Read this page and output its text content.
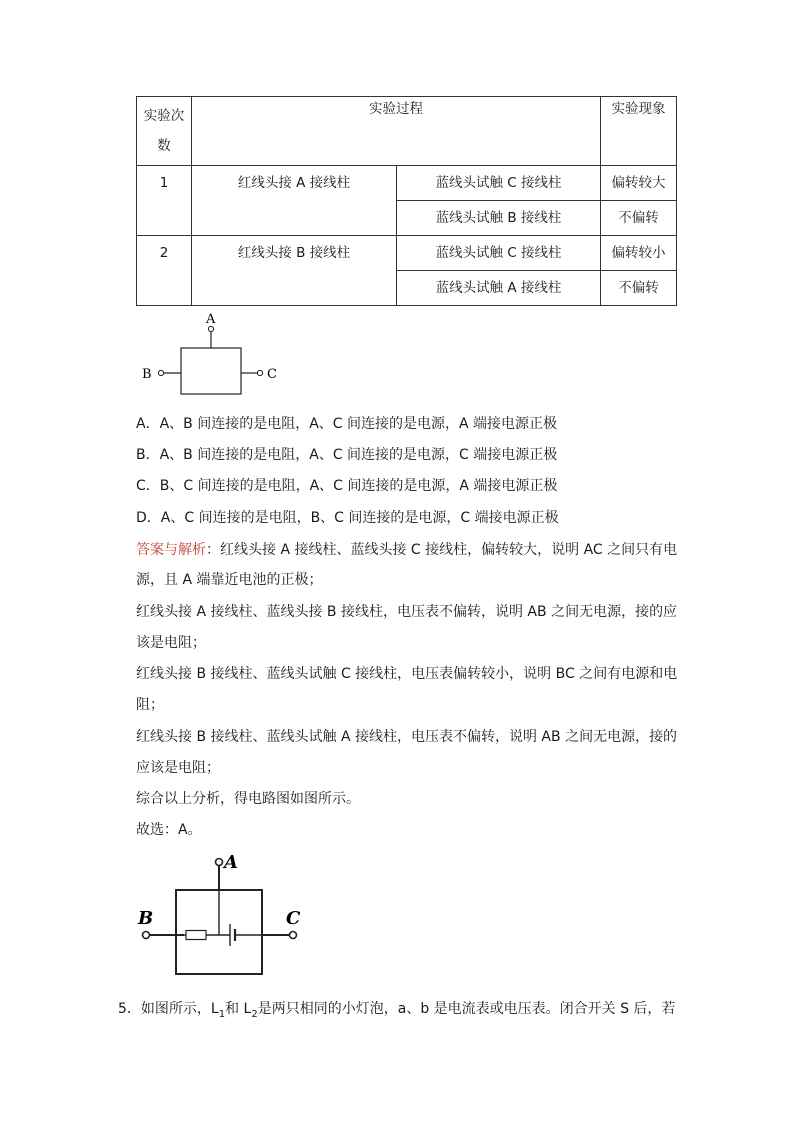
实验次
数	实验过程		实验现象
1	红线头接 A 接线柱	蓝线头试触 C 接线柱	偏转较大
		蓝线头试触 B 接线柱	不偏转
2	红线头接 B 接线柱	蓝线头试触 C 接线柱	偏转较小
		蓝线头试触 A 接线柱	不偏转
A
B	C
A．A、B 间连接的是电阻，A、C 间连接的是电源，A 端接电源正极
B．A、B 间连接的是电阻，A、C 间连接的是电源，C 端接电源正极
C．B、C 间连接的是电阻，A、C 间连接的是电源，A 端接电源正极
D．A、C 间连接的是电阻，B、C 间连接的是电源，C 端接电源正极
答案与解析：红线头接 A 接线柱、蓝线头接 C 接线柱，偏转较大，说明 AC 之间只有电
源，且 A 端靠近电池的正极；
红线头接 A 接线柱、蓝线头接 B 接线柱，电压表不偏转，说明 AB 之间无电源，接的应
该是电阻；
红线头接 B 接线柱、蓝线头试触 C 接线柱，电压表偏转较小，说明 BC 之间有电源和电
阻；
红线头接 B 接线柱、蓝线头试触 A 接线柱，电压表不偏转，说明 AB 之间无电源，接的
应该是电阻；
综合以上分析，得电路图如图所示。
故选：A。
A
B	C
5．如图所示，$L_1$和 $L_2$是两只相同的小灯泡，a、b 是电流表或电压表。闭合开关 S 后，若
